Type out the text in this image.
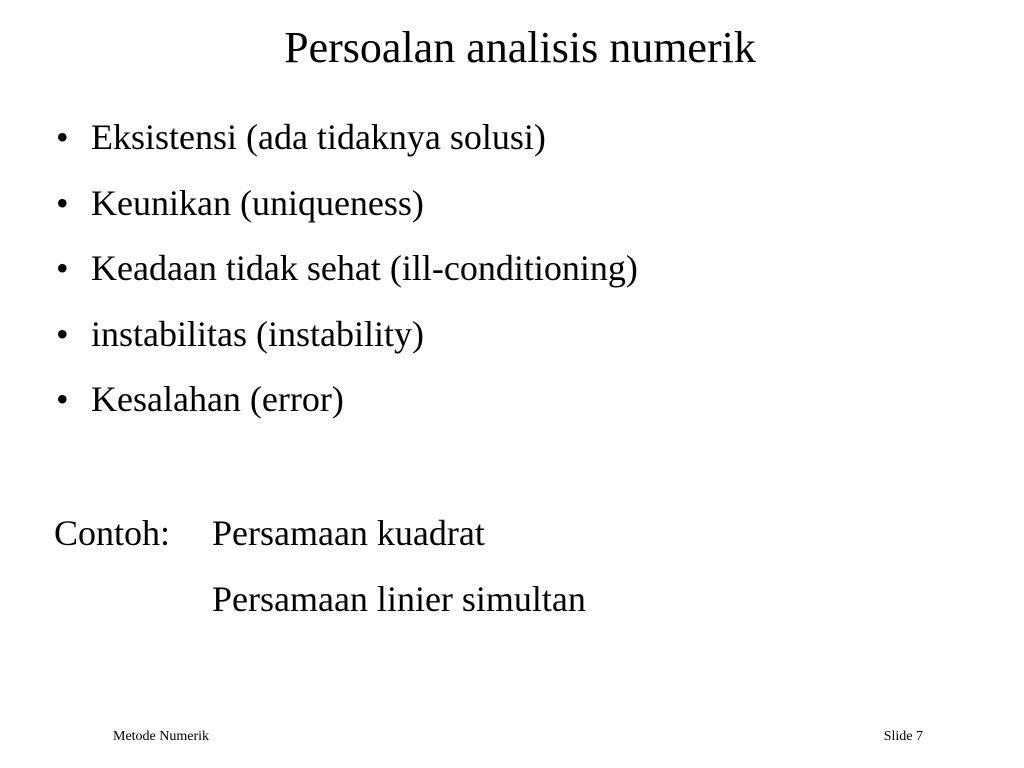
Persoalan analisis numerik
• Eksistensi (ada tidaknya solusi)
• Keunikan (uniqueness)
• Keadaan tidak sehat (ill-conditioning)
• instabilitas (instability)
• Kesalahan (error)
Contoh:	Persamaan kuadrat
Persamaan linier simultan
Metode Numerik	Slide 7
